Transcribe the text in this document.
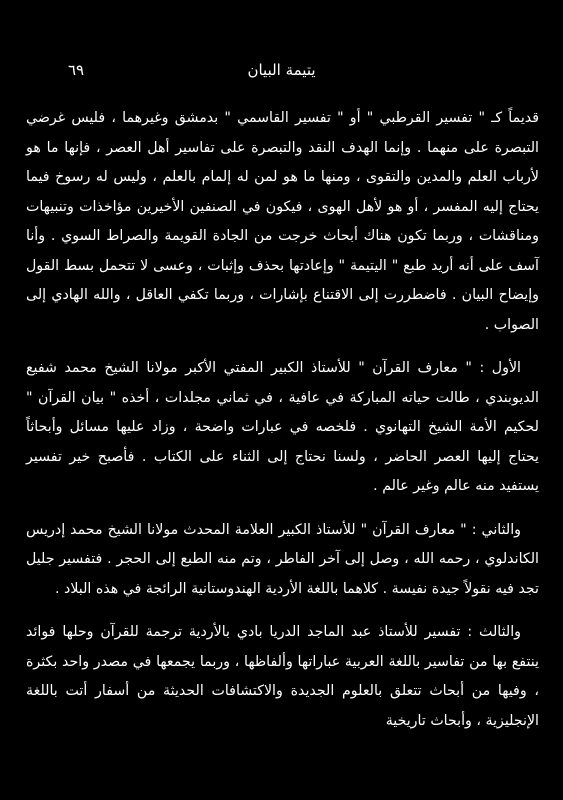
يتيمة البيان
٦٩

قديماً كـ " تفسير القرطبي " أو " تفسير القاسمي " بدمشق وغيرهما ، فليس غرضي التبصرة على منهما . وإنما الهدف النقد والتبصرة على تفاسير أهل العصر ، فإنها ما هو لأرباب العلم والمدين والتقوى ، ومنها ما هو لمن له إلمام بالعلم ، وليس له رسوخ فيما يحتاج إليه المفسر ، أو هو لأهل الهوى ، فيكون في الصنفين الأخيرين مؤاخذات وتنبيهات ومناقشات ، وربما تكون هناك أبحاث خرجت من الجادة القويمة والصراط السوي . وأنا آسف على أنه أريد طبع " اليتيمة " وإعادتها بحذف وإثبات ، وعسى لا تتحمل بسط القول وإيضاح البيان . فاضطررت إلى الاقتناع بإشارات ، وربما تكفي العاقل ، والله الهادي إلى الصواب .

الأول : " معارف القرآن " للأستاذ الكبير المفتي الأكبر مولانا الشيخ محمد شفيع الديوبندي ، طالت حياته المباركة في عافية ، في ثماني مجلدات ، أخذه " بيان القرآن " لحكيم الأمة الشيخ التهانوي . فلخصه في عبارات واضحة ، وزاد عليها مسائل وأبحاثاً يحتاج إليها العصر الحاضر ، ولسنا نحتاج إلى الثناء على الكتاب . فأصبح خير تفسير يستفيد منه عالم وغير عالم .

والثاني : " معارف القرآن " للأستاذ الكبير العلامة المحدث مولانا الشيخ محمد إدريس الكاندلوي ، رحمه الله ، وصل إلى آخر الفاطر ، وتم منه الطبع إلى الحجر . فتفسير جليل تجد فيه نقولاً جيدة نفيسة . كلاهما باللغة الأردية الهندوستانية الرائجة في هذه البلاد .

والثالث : تفسير للأستاذ عبد الماجد الدريا بادي بالأردية ترجمة للقرآن وحلها فوائد ينتفع بها من تفاسير باللغة العربية عباراتها وألفاظها ، وربما يجمعها في مصدر واحد بكثرة ، وفيها من أبحاث تتعلق بالعلوم الجديدة والاكتشافات الحديثة من أسفار أتت باللغة الإنجليزية ، وأبحاث تاريخية
